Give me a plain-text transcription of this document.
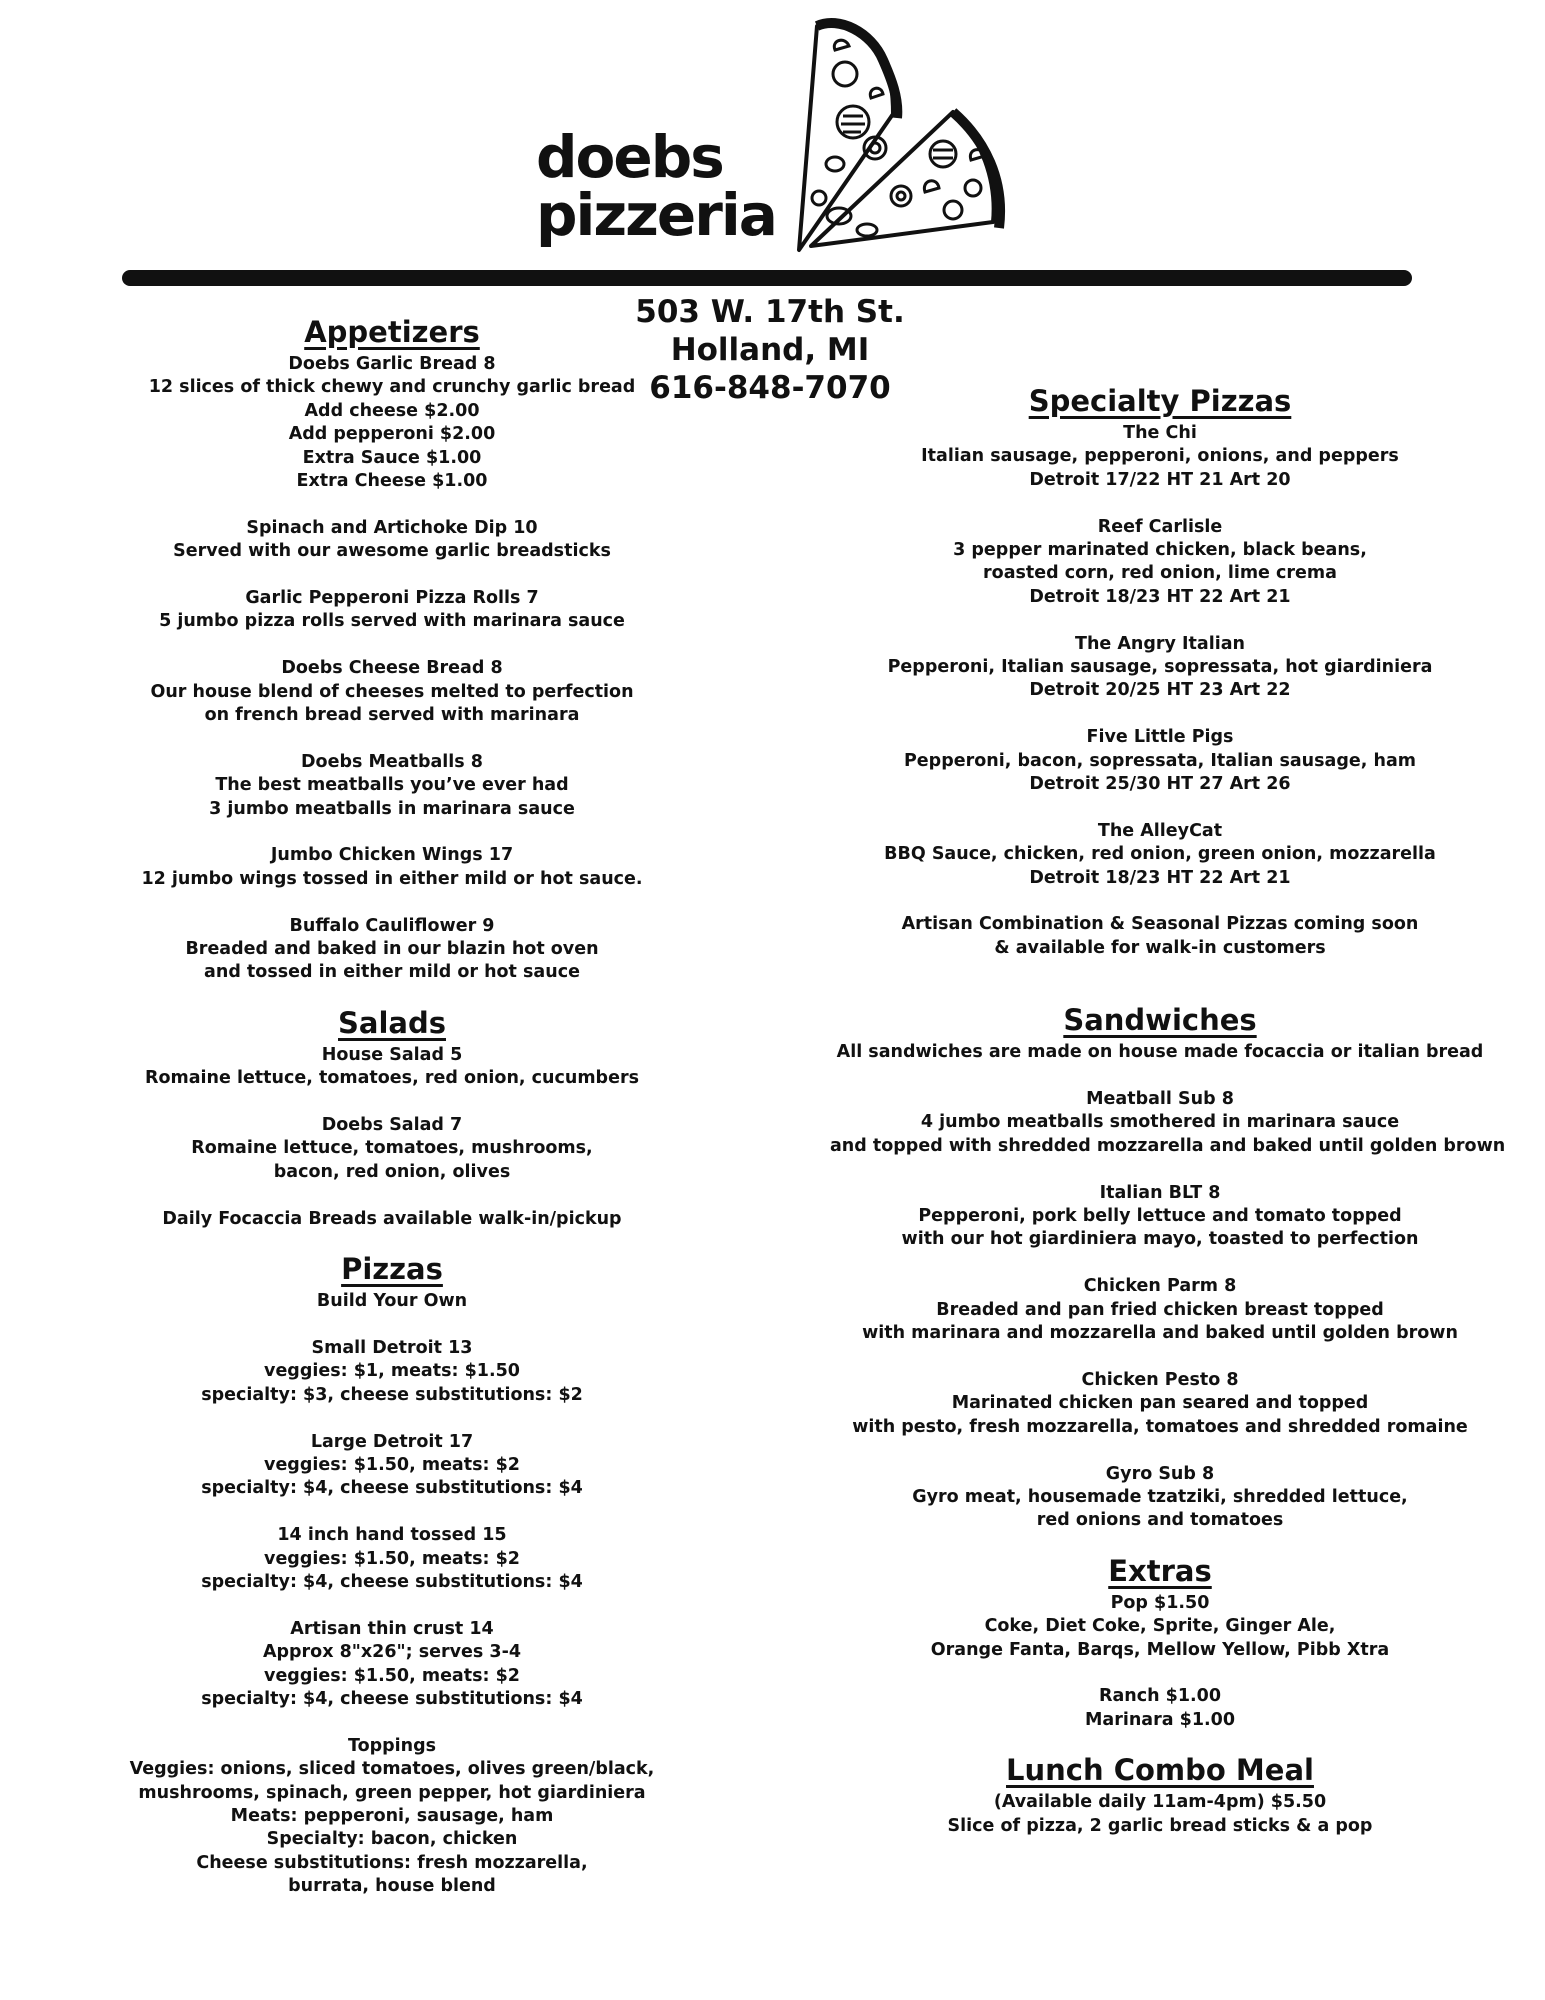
doebs
pizzeria
503 W. 17th St.
Holland, MI
616-848-7070
Appetizers
Doebs Garlic Bread 8
12 slices of thick chewy and crunchy garlic bread
Add cheese $2.00
Add pepperoni $2.00
Extra Sauce $1.00
Extra Cheese $1.00
Spinach and Artichoke Dip 10
Served with our awesome garlic breadsticks
Garlic Pepperoni Pizza Rolls 7
5 jumbo pizza rolls served with marinara sauce
Doebs Cheese Bread 8
Our house blend of cheeses melted to perfection
on french bread served with marinara
Doebs Meatballs 8
The best meatballs you’ve ever had
3 jumbo meatballs in marinara sauce
Jumbo Chicken Wings 17
12 jumbo wings tossed in either mild or hot sauce.
Buffalo Cauliflower 9
Breaded and baked in our blazin hot oven
and tossed in either mild or hot sauce
Salads
House Salad 5
Romaine lettuce, tomatoes, red onion, cucumbers
Doebs Salad 7
Romaine lettuce, tomatoes, mushrooms,
bacon, red onion, olives
Daily Focaccia Breads available walk-in/pickup
Pizzas
Build Your Own
Small Detroit 13
veggies: $1, meats: $1.50
specialty: $3, cheese substitutions: $2
Large Detroit 17
veggies: $1.50, meats: $2
specialty: $4, cheese substitutions: $4
14 inch hand tossed 15
veggies: $1.50, meats: $2
specialty: $4, cheese substitutions: $4
Artisan thin crust 14
Approx 8"x26"; serves 3-4
veggies: $1.50, meats: $2
specialty: $4, cheese substitutions: $4
Toppings
Veggies: onions, sliced tomatoes, olives green/black,
mushrooms, spinach, green pepper, hot giardiniera
Meats: pepperoni, sausage, ham
Specialty: bacon, chicken
Cheese substitutions: fresh mozzarella,
burrata, house blend
Specialty Pizzas
The Chi
Italian sausage, pepperoni, onions, and peppers
Detroit 17/22 HT 21 Art 20
Reef Carlisle
3 pepper marinated chicken, black beans,
roasted corn, red onion, lime crema
Detroit 18/23 HT 22 Art 21
The Angry Italian
Pepperoni, Italian sausage, sopressata, hot giardiniera
Detroit 20/25 HT 23 Art 22
Five Little Pigs
Pepperoni, bacon, sopressata, Italian sausage, ham
Detroit 25/30 HT 27 Art 26
The AlleyCat
BBQ Sauce, chicken, red onion, green onion, mozzarella
Detroit 18/23 HT 22 Art 21
Artisan Combination & Seasonal Pizzas coming soon
& available for walk-in customers
Sandwiches
All sandwiches are made on house made focaccia or italian bread
Meatball Sub 8
4 jumbo meatballs smothered in marinara sauce
and topped with shredded mozzarella and baked until golden brown
Italian BLT 8
Pepperoni, pork belly lettuce and tomato topped
with our hot giardiniera mayo, toasted to perfection
Chicken Parm 8
Breaded and pan fried chicken breast topped
with marinara and mozzarella and baked until golden brown
Chicken Pesto 8
Marinated chicken pan seared and topped
with pesto, fresh mozzarella, tomatoes and shredded romaine
Gyro Sub 8
Gyro meat, housemade tzatziki, shredded lettuce,
red onions and tomatoes
Extras
Pop $1.50
Coke, Diet Coke, Sprite, Ginger Ale,
Orange Fanta, Barqs, Mellow Yellow, Pibb Xtra
Ranch $1.00
Marinara $1.00
Lunch Combo Meal
(Available daily 11am-4pm) $5.50
Slice of pizza, 2 garlic bread sticks & a pop
